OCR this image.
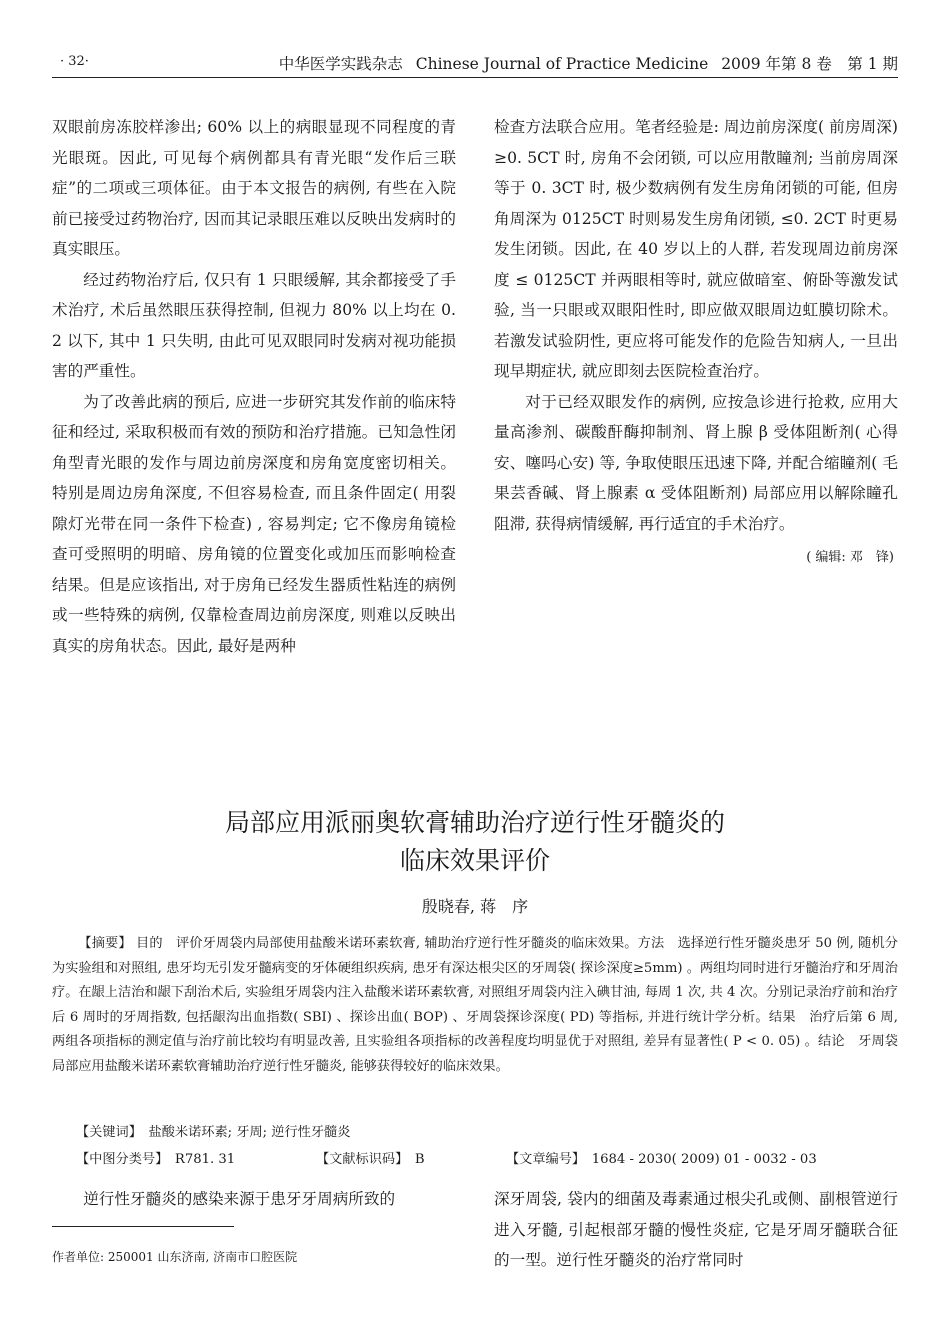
· 32·	中华医学实践杂志 Chinese Journal of Practice Medicine 2009 年第 8 卷　第 1 期

双眼前房冻胶样渗出; 60% 以上的病眼显现不同程度的青光眼斑。因此, 可见每个病例都具有青光眼“发作后三联症”的二项或三项体征。由于本文报告的病例, 有些在入院前已接受过药物治疗, 因而其记录眼压难以反映出发病时的真实眼压。

经过药物治疗后, 仅只有 1 只眼缓解, 其余都接受了手术治疗, 术后虽然眼压获得控制, 但视力 80% 以上均在 0. 2 以下, 其中 1 只失明, 由此可见双眼同时发病对视功能损害的严重性。

为了改善此病的预后, 应进一步研究其发作前的临床特征和经过, 采取积极而有效的预防和治疗措施。已知急性闭角型青光眼的发作与周边前房深度和房角宽度密切相关。特别是周边房角深度, 不但容易检查, 而且条件固定( 用裂隙灯光带在同一条件下检查) , 容易判定; 它不像房角镜检查可受照明的明暗、房角镜的位置变化或加压而影响检查结果。但是应该指出, 对于房角已经发生器质性粘连的病例或一些特殊的病例, 仅靠检查周边前房深度, 则难以反映出真实的房角状态。因此, 最好是两种

检查方法联合应用。笔者经验是: 周边前房深度( 前房周深) ≥0. 5CT 时, 房角不会闭锁, 可以应用散瞳剂; 当前房周深等于 0. 3CT 时, 极少数病例有发生房角闭锁的可能, 但房角周深为 0125CT 时则易发生房角闭锁, ≤0. 2CT 时更易发生闭锁。因此, 在 40 岁以上的人群, 若发现周边前房深度 ≤ 0125CT 并两眼相等时, 就应做暗室、俯卧等激发试验, 当一只眼或双眼阳性时, 即应做双眼周边虹膜切除术。若激发试验阴性, 更应将可能发作的危险告知病人, 一旦出现早期症状, 就应即刻去医院检查治疗。

对于已经双眼发作的病例, 应按急诊进行抢救, 应用大量高渗剂、碳酸酐酶抑制剂、肾上腺 β 受体阻断剂( 心得安、噻吗心安) 等, 争取使眼压迅速下降, 并配合缩瞳剂( 毛果芸香碱、肾上腺素 α 受体阻断剂) 局部应用以解除瞳孔阻滞, 获得病情缓解, 再行适宜的手术治疗。

( 编辑: 邓　锋)
局部应用派丽奥软膏辅助治疗逆行性牙髓炎的
临床效果评价
殷晓春, 蒋　序

【摘要】 目的　评价牙周袋内局部使用盐酸米诺环素软膏, 辅助治疗逆行性牙髓炎的临床效果。方法　选择逆行性牙髓炎患牙 50 例, 随机分为实验组和对照组, 患牙均无引发牙髓病变的牙体硬组织疾病, 患牙有深达根尖区的牙周袋( 探诊深度≥5mm) 。两组均同时进行牙髓治疗和牙周治疗。在龈上洁治和龈下刮治术后, 实验组牙周袋内注入盐酸米诺环素软膏, 对照组牙周袋内注入碘甘油, 每周 1 次, 共 4 次。分别记录治疗前和治疗后 6 周时的牙周指数, 包括龈沟出血指数( SBI) 、探诊出血( BOP) 、牙周袋探诊深度( PD) 等指标, 并进行统计学分析。结果　治疗后第 6 周, 两组各项指标的测定值与治疗前比较均有明显改善, 且实验组各项指标的改善程度均明显优于对照组, 差异有显著性( P < 0. 05) 。结论　牙周袋局部应用盐酸米诺环素软膏辅助治疗逆行性牙髓炎, 能够获得较好的临床效果。

【关键词】　盐酸米诺环素; 牙周; 逆行性牙髓炎
【中图分类号】　R781. 31	【文献标识码】　B	【文章编号】　1684 - 2030( 2009) 01 - 0032 - 03

逆行性牙髓炎的感染来源于患牙牙周病所致的	深牙周袋, 袋内的细菌及毒素通过根尖孔或侧、副根管逆行进入牙髓, 引起根部牙髓的慢性炎症, 它是牙周牙髓联合征的一型。逆行性牙髓炎的治疗常同时

作者单位: 250001 山东济南, 济南市口腔医院
